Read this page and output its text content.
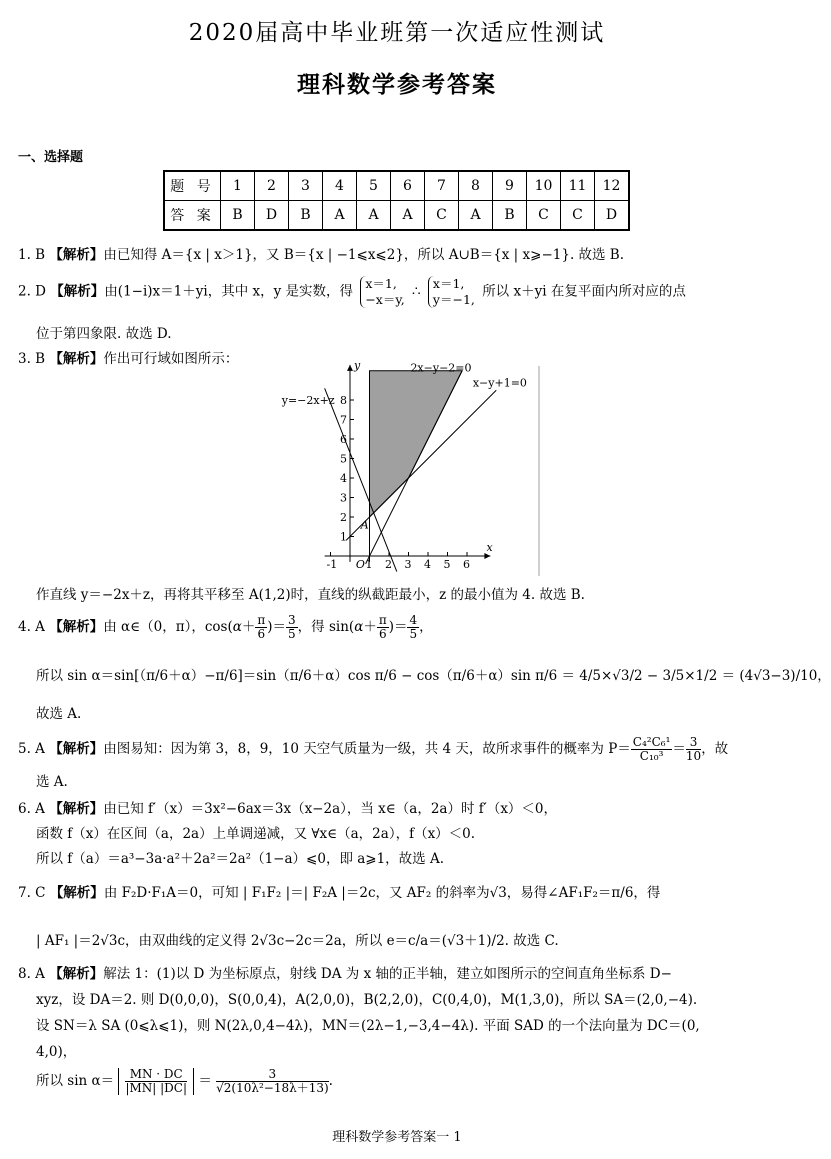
2020届高中毕业班第一次适应性测试
理科数学参考答案
一、选择题
题 号	1	2	3	4	5	6	7	8	9	10	11	12
答 案	B	D	B	A	A	A	C	A	B	C	C	D
1. B 【解析】由已知得 A＝{x | x＞1}，又 B＝{x | −1⩽x⩽2}，所以 A∪B＝{x | x⩾−1}. 故选 B.
2. D 【解析】由(1−i)x＝1＋yi，其中 x，y 是实数，得 x＝1,
−x＝y, ∴ x＝1,
y＝−1, 所以 x＋yi 在复平面内所对应的点
位于第四象限. 故选 D.
3. B 【解析】作出可行域如图所示：
1
2
3
4
5
6
7
8
-1	1 2 3 4 5 6
O
y
x
A
2x−y−2=0
x−y+1=0
y=−2x+z
作直线 y＝−2x＋z，再将其平移至 A(1,2)时，直线的纵截距最小，z 的最小值为 4. 故选 B.
4. A 【解析】由 α∈（0，π），$\cos(\alpha+ \frac{\pi}{6}$ )＝ $\frac{3}{5}$ ，得 $\sin(\alpha+ \frac{\pi}{6}$ )＝ $\frac{4}{5}$ ，
所以 sin α＝sin[（π/6＋α）−π/6]＝sin（π/6＋α）cos π/6 − cos（π/6＋α）sin π/6 ＝ 4/5×√3/2 − 3/5×1/2 ＝ (4√3−3)/10，
故选 A.
5. A 【解析】由图易知：因为第 3，8，9，10 天空气质量为一级，共 4 天，故所求事件的概率为 $P= \frac{\text{C₄²C₆¹}}{\text{C₁₀³}} = \frac{3}{10}$ ，故
选 A.
6. A 【解析】由已知 f′（x）＝3x²−6ax＝3x（x−2a），当 x∈（a，2a）时 f′（x）＜0，
函数 f（x）在区间（a，2a）上单调递减，又 ∀x∈（a，2a），f（x）＜0.
所以 f（a）＝a³−3a·a²＋2a²＝2a²（1−a）⩽0，即 a⩾1，故选 A.
7. C 【解析】由 F₂D·F₁A＝0，可知 | F₁F₂ |＝| F₂A |＝2c，又 AF₂ 的斜率为√3，易得∠AF₁F₂＝π/6，得
| AF₁ |＝2√3c，由双曲线的定义得 2√3c−2c＝2a，所以 e＝c/a＝(√3＋1)/2. 故选 C.
8. A 【解析】解法 1：(1)以 D 为坐标原点，射线 DA 为 x 轴的正半轴，建立如图所示的空间直角坐标系 D−
xyz，设 DA＝2. 则 D(0,0,0)，S(0,0,4)，A(2,0,0)，B(2,2,0)，C(0,4,0)，M(1,3,0)，所以 SA＝(2,0,−4).
设 SN＝λ SA (0⩽λ⩽1)，则 N(2λ,0,4−4λ)，MN＝(2λ−1,−3,4−4λ). 平面 SAD 的一个法向量为 DC＝(0,
4,0)，
所以 $\sin \alpha= \frac{MN \cdot DC}{|MN| |DC|} = \frac{3}{\text{√2(10λ²−18λ＋13)}}$ .
理科数学参考答案一 1
